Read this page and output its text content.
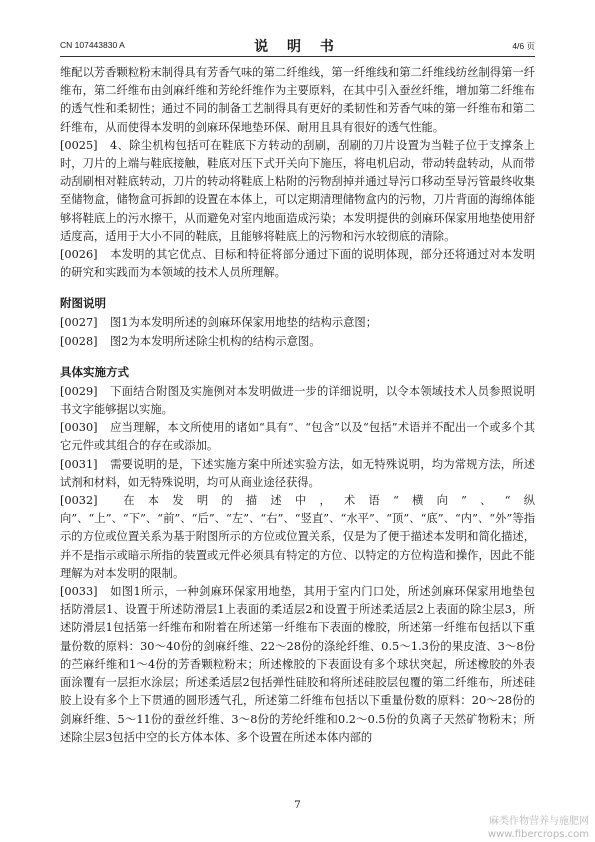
CN 107443830 A	说 明 书	4/6 页

维配以芳香颗粒粉末制得具有芳香气味的第二纤维线，第一纤维线和第二纤维线纺丝制得第一纤维布，第二纤维布由剑麻纤维和芳纶纤维作为主要原料，在其中引入蚕丝纤维，增加第二纤维布的透气性和柔韧性；通过不同的制备工艺制得具有更好的柔韧性和芳香气味的第一纤维布和第二纤维布，从而使得本发明的剑麻环保地垫环保、耐用且具有很好的透气性能。

[0025] 4、除尘机构包括可在鞋底下方转动的刮刷，刮刷的刀片设置为当鞋子位于支撑条上时，刀片的上端与鞋底接触，鞋底对压下式开关向下施压，将电机启动，带动转盘转动，从而带动刮刷相对鞋底转动，刀片的转动将鞋底上粘附的污物刮掉并通过导污口移动至导污管最终收集至储物盒，储物盒可拆卸的设置在本体上，可以定期清理储物盒内的污物，刀片背面的海绵体能够将鞋底上的污水擦干，从而避免对室内地面造成污染；本发明提供的剑麻环保家用地垫使用舒适度高，适用于大小不同的鞋底，且能够将鞋底上的污物和污水较彻底的清除。

[0026] 本发明的其它优点、目标和特征将部分通过下面的说明体现，部分还将通过对本发明的研究和实践而为本领域的技术人员所理解。

附图说明

[0027] 图1为本发明所述的剑麻环保家用地垫的结构示意图；

[0028] 图2为本发明所述除尘机构的结构示意图。

具体实施方式

[0029] 下面结合附图及实施例对本发明做进一步的详细说明，以令本领域技术人员参照说明书文字能够据以实施。

[0030] 应当理解，本文所使用的诸如“具有”、“包含”以及“包括”术语并不配出一个或多个其它元件或其组合的存在或添加。

[0031] 需要说明的是，下述实施方案中所述实验方法，如无特殊说明，均为常规方法，所述试剂和材料，如无特殊说明，均可从商业途径获得。

[0032] 在本发明的描述中，术语“横向”、“纵向”、“上”、“下”、“前”、“后”、“左”、“右”、“竖直”、“水平”、“顶”、“底”、“内”、“外”等指示的方位或位置关系为基于附图所示的方位或位置关系，仅是为了便于描述本发明和简化描述，并不是指示或暗示所指的装置或元件必须具有特定的方位、以特定的方位构造和操作，因此不能理解为对本发明的限制。

[0033] 如图1所示，一种剑麻环保家用地垫，其用于室内门口处，所述剑麻环保家用地垫包括防滑层1、设置于所述防滑层1上表面的柔适层2和设置于所述柔适层2上表面的除尘层3，所述防滑层1包括第一纤维布和附着在所述第一纤维布下表面的橡胶，所述第一纤维布包括以下重量份数的原料：30～40份的剑麻纤维、22～28份的涤纶纤维、0.5～1.3份的果皮渣、3～8份的苎麻纤维和1～4份的芳香颗粒粉末；所述橡胶的下表面设有多个球状突起，所述橡胶的外表面涂覆有一层拒水涂层；所述柔适层2包括弹性硅胶和将所述硅胶层包覆的第二纤维布，所述硅胶上设有多个上下贯通的圆形透气孔，所述第二纤维布包括以下重量份数的原料：20～28份的剑麻纤维、5～11份的蚕丝纤维、3～8份的芳纶纤维和0.2～0.5份的负离子天然矿物粉末；所述除尘层3包括中空的长方体本体、多个设置在所述本体内部的

7
麻类作物营养与施肥网
www.fibercrops.com
